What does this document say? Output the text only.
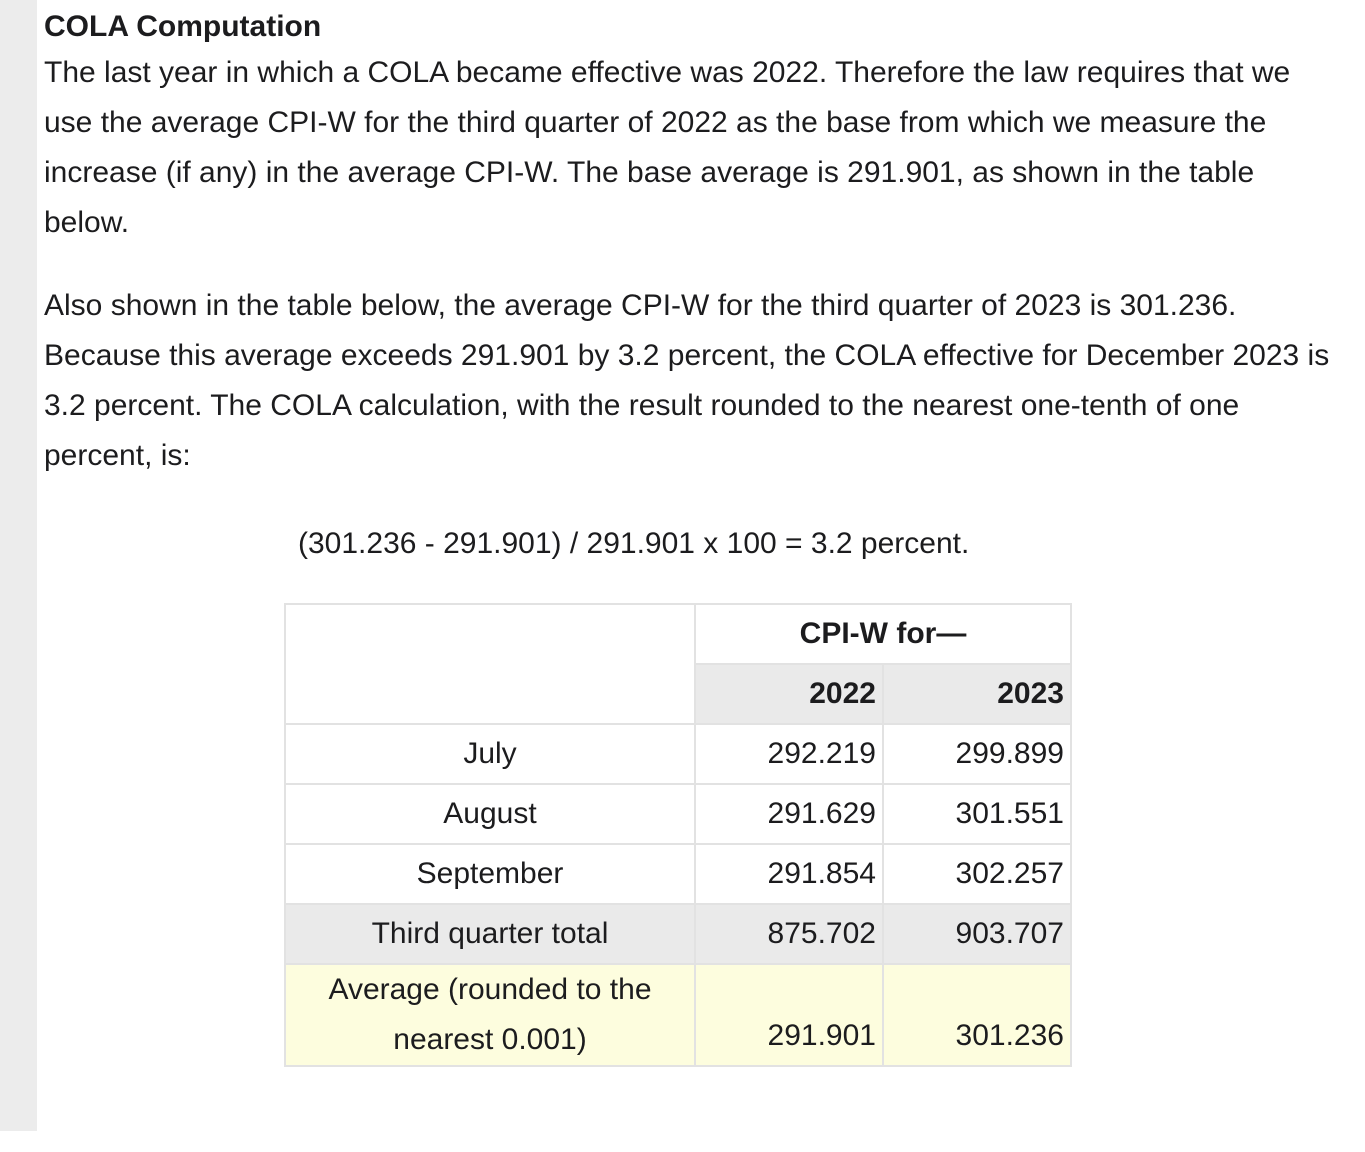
COLA Computation

The last year in which a COLA became effective was 2022. Therefore the law requires that we use the average CPI-W for the third quarter of 2022 as the base from which we measure the increase (if any) in the average CPI-W. The base average is 291.901, as shown in the table below.

Also shown in the table below, the average CPI-W for the third quarter of 2023 is 301.236. Because this average exceeds 291.901 by 3.2 percent, the COLA effective for December 2023 is 3.2 percent. The COLA calculation, with the result rounded to the nearest one-tenth of one percent, is:

(301.236 - 291.901) / 291.901 x 100 = 3.2 percent.
	CPI-W for—	
	2022	2023
July	292.219	299.899
August	291.629	301.551
September	291.854	302.257
Third quarter total	875.702	903.707
Average (rounded to the nearest 0.001)	291.901	301.236
